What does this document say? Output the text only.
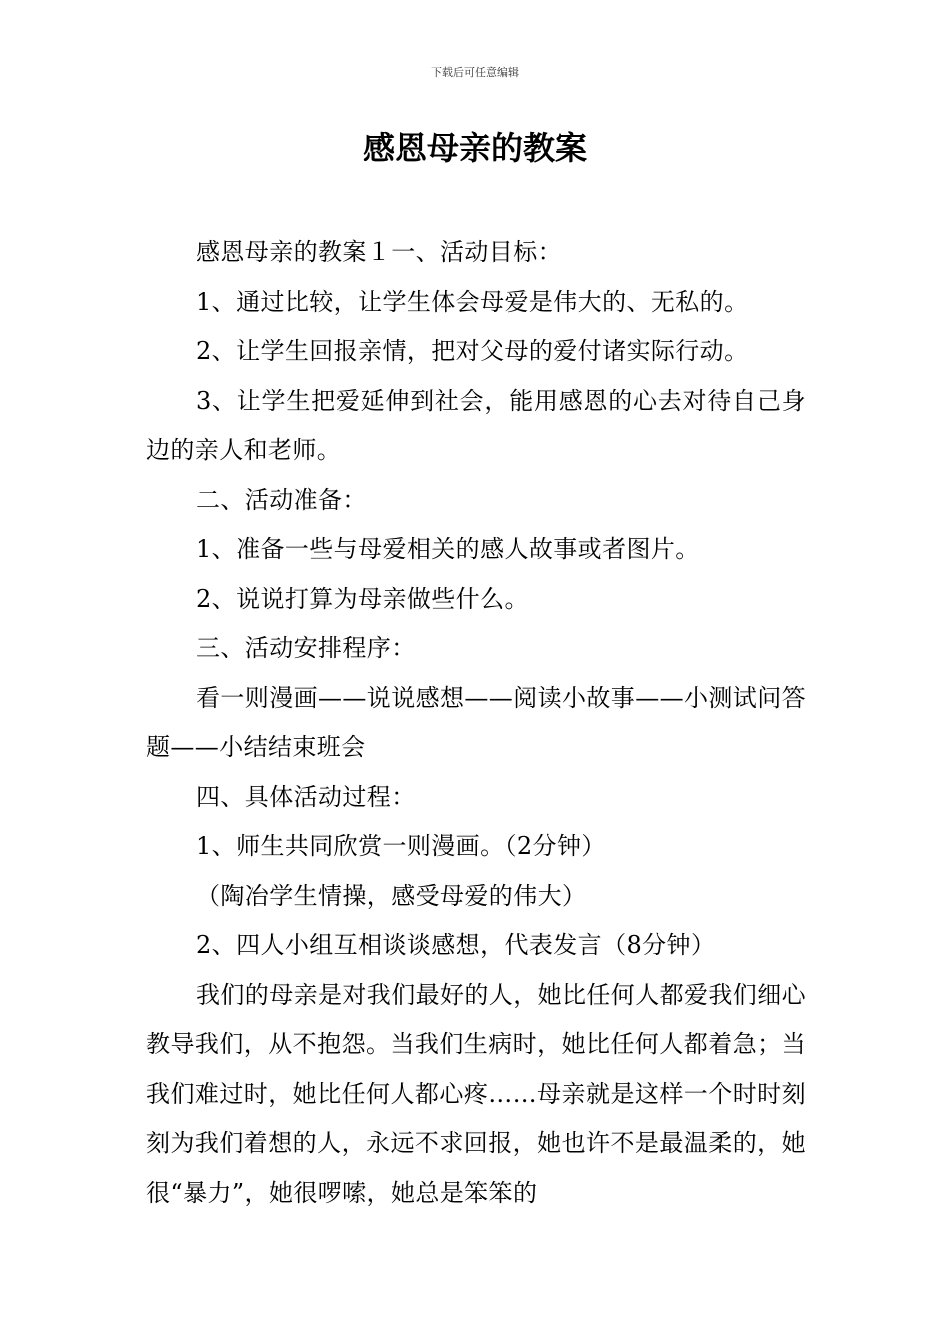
下载后可任意编辑
感恩母亲的教案

感恩母亲的教案１一、活动目标：

1、通过比较，让学生体会母爱是伟大的、无私的。

2、让学生回报亲情，把对父母的爱付诸实际行动。

3、让学生把爱延伸到社会，能用感恩的心去对待自己身边的亲人和老师。

二、活动准备：

1、准备一些与母爱相关的感人故事或者图片。

2、说说打算为母亲做些什么。

三、活动安排程序：

看一则漫画——说说感想——阅读小故事——小测试问答题——小结结束班会

四、具体活动过程：

1、师生共同欣赏一则漫画。（2分钟）

（陶冶学生情操，感受母爱的伟大）

2、四人小组互相谈谈感想，代表发言（8分钟）

我们的母亲是对我们最好的人，她比任何人都爱我们细心教导我们，从不抱怨。当我们生病时，她比任何人都着急；当我们难过时，她比任何人都心疼……母亲就是这样一个时时刻刻为我们着想的人，永远不求回报，她也许不是最温柔的，她很“暴力”，她很啰嗦，她总是笨笨的
